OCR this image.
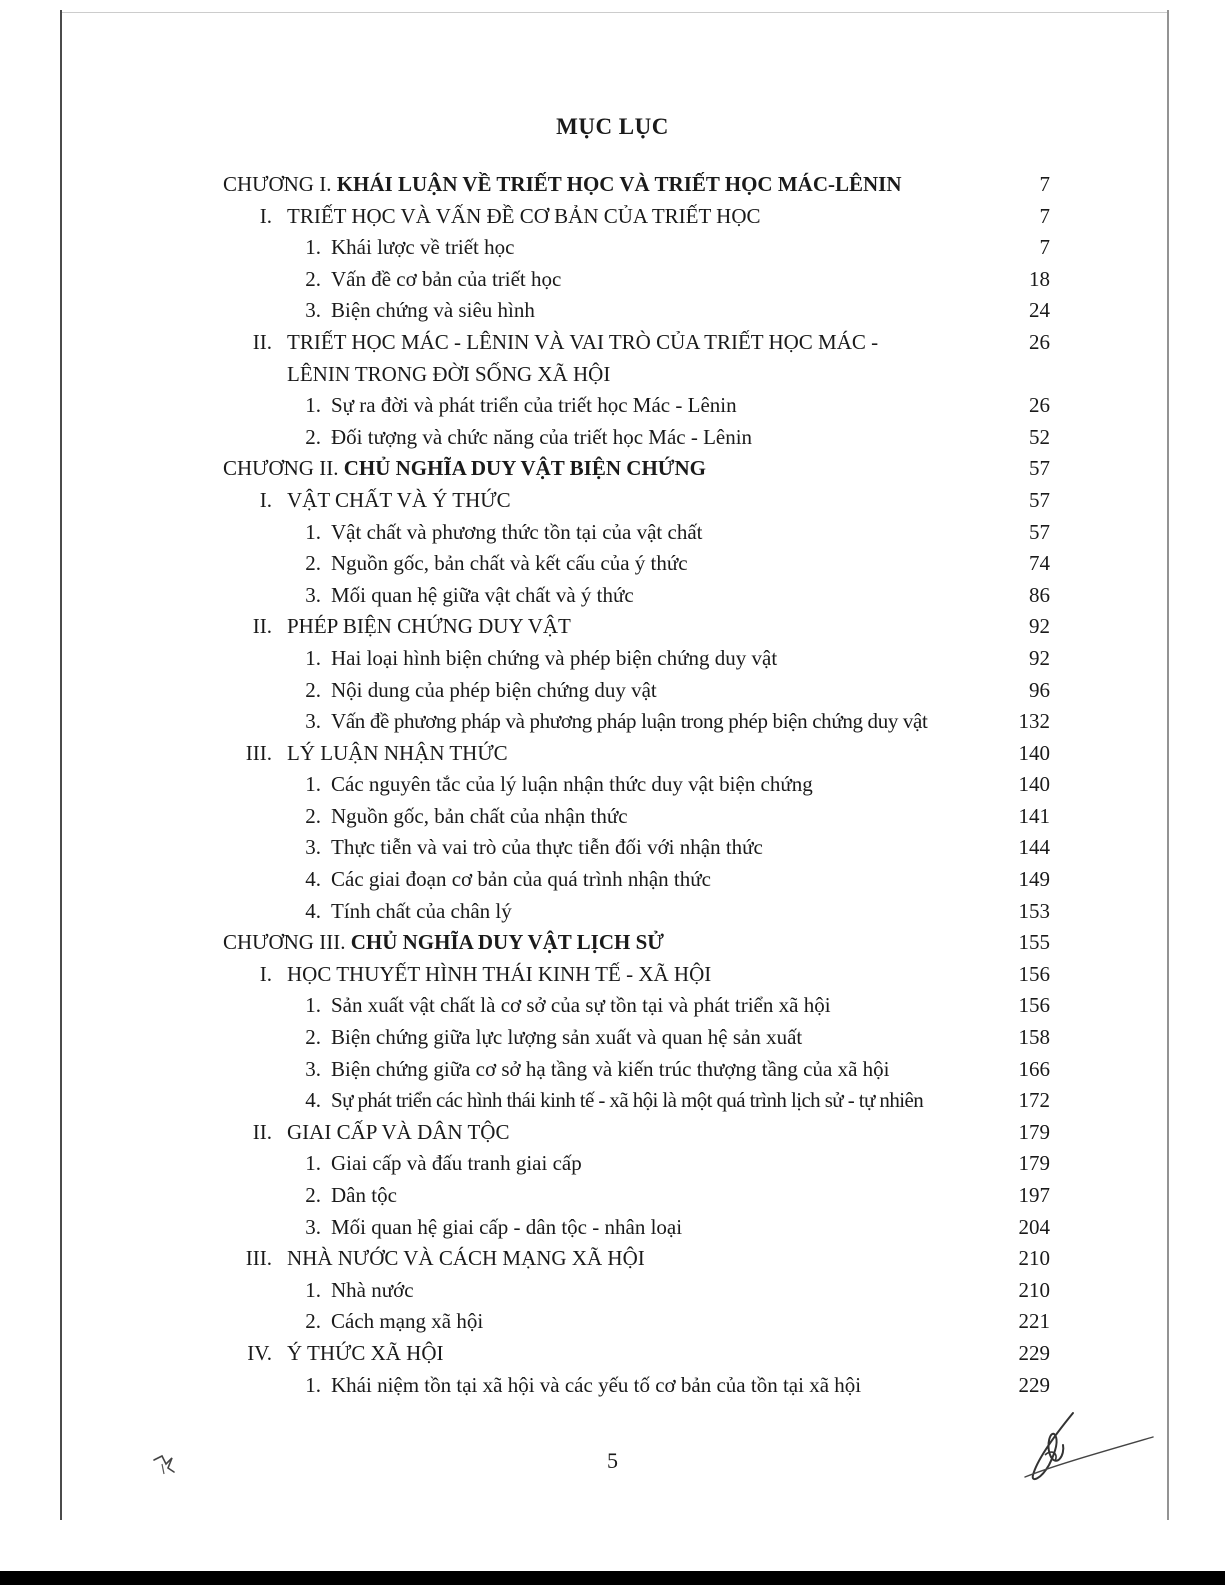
MỤC LỤC
CHƯƠNG I. KHÁI LUẬN VỀ TRIẾT HỌC VÀ TRIẾT HỌC MÁC-LÊNIN	7
I. TRIẾT HỌC VÀ VẤN ĐỀ CƠ BẢN CỦA TRIẾT HỌC	7
1. Khái lược về triết học	7
2. Vấn đề cơ bản của triết học	18
3. Biện chứng và siêu hình	24
II. TRIẾT HỌC MÁC - LÊNIN VÀ VAI TRÒ CỦA TRIẾT HỌC MÁC -	26
LÊNIN TRONG ĐỜI SỐNG XÃ HỘI
1. Sự ra đời và phát triển của triết học Mác - Lênin	26
2. Đối tượng và chức năng của triết học Mác - Lênin	52
CHƯƠNG II. CHỦ NGHĨA DUY VẬT BIỆN CHỨNG	57
I. VẬT CHẤT VÀ Ý THỨC	57
1. Vật chất và phương thức tồn tại của vật chất	57
2. Nguồn gốc, bản chất và kết cấu của ý thức	74
3. Mối quan hệ giữa vật chất và ý thức	86
II. PHÉP BIỆN CHỨNG DUY VẬT	92
1. Hai loại hình biện chứng và phép biện chứng duy vật	92
2. Nội dung của phép biện chứng duy vật	96
3. Vấn đề phương pháp và phương pháp luận trong phép biện chứng duy vật	132
III. LÝ LUẬN NHẬN THỨC	140
1. Các nguyên tắc của lý luận nhận thức duy vật biện chứng	140
2. Nguồn gốc, bản chất của nhận thức	141
3. Thực tiễn và vai trò của thực tiễn đối với nhận thức	144
4. Các giai đoạn cơ bản của quá trình nhận thức	149
4. Tính chất của chân lý	153
CHƯƠNG III. CHỦ NGHĨA DUY VẬT LỊCH SỬ	155
I. HỌC THUYẾT HÌNH THÁI KINH TẾ - XÃ HỘI	156
1. Sản xuất vật chất là cơ sở của sự tồn tại và phát triển xã hội	156
2. Biện chứng giữa lực lượng sản xuất và quan hệ sản xuất	158
3. Biện chứng giữa cơ sở hạ tầng và kiến trúc thượng tầng của xã hội	166
4. Sự phát triển các hình thái kinh tế - xã hội là một quá trình lịch sử - tự nhiên	172
II. GIAI CẤP VÀ DÂN TỘC	179
1. Giai cấp và đấu tranh giai cấp	179
2. Dân tộc	197
3. Mối quan hệ giai cấp - dân tộc - nhân loại	204
III. NHÀ NƯỚC VÀ CÁCH MẠNG XÃ HỘI	210
1. Nhà nước	210
2. Cách mạng xã hội	221
IV. Ý THỨC XÃ HỘI	229
1. Khái niệm tồn tại xã hội và các yếu tố cơ bản của tồn tại xã hội	229
5
